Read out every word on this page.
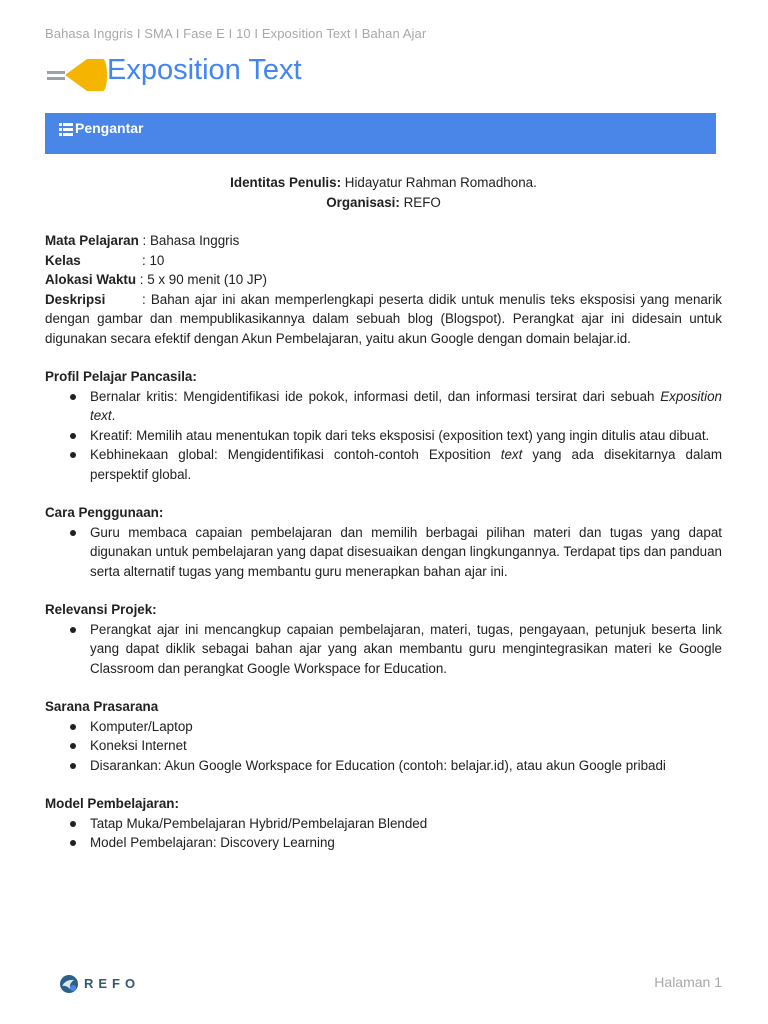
Bahasa Inggris I SMA I Fase E I 10 I Exposition Text I Bahan Ajar
Exposition Text
Pengantar
Identitas Penulis: Hidayatur Rahman Romadhona.
Organisasi: REFO
Mata Pelajaran : Bahasa Inggris
Kelas	: 10
Alokasi Waktu : 5 x 90 menit (10 JP)
Deskripsi	: Bahan ajar ini akan memperlengkapi peserta didik untuk menulis teks eksposisi yang menarik dengan gambar dan mempublikasikannya dalam sebuah blog (Blogspot). Perangkat ajar ini didesain untuk digunakan secara efektif dengan Akun Pembelajaran, yaitu akun Google dengan domain belajar.id.
Profil Pelajar Pancasila:
Bernalar kritis: Mengidentifikasi ide pokok, informasi detil, dan informasi tersirat dari sebuah Exposition text.
Kreatif: Memilih atau menentukan topik dari teks eksposisi (exposition text) yang ingin ditulis atau dibuat.
Kebhinekaan global: Mengidentifikasi contoh-contoh Exposition text yang ada disekitarnya dalam perspektif global.
Cara Penggunaan:
Guru membaca capaian pembelajaran dan memilih berbagai pilihan materi dan tugas yang dapat digunakan untuk pembelajaran yang dapat disesuaikan dengan lingkungannya. Terdapat tips dan panduan serta alternatif tugas yang membantu guru menerapkan bahan ajar ini.
Relevansi Projek:
Perangkat ajar ini mencangkup capaian pembelajaran, materi, tugas, pengayaan, petunjuk beserta link yang dapat diklik sebagai bahan ajar yang akan membantu guru mengintegrasikan materi ke Google Classroom dan perangkat Google Workspace for Education.
Sarana Prasarana
Komputer/Laptop
Koneksi Internet
Disarankan: Akun Google Workspace for Education (contoh: belajar.id), atau akun Google pribadi
Model Pembelajaran:
Tatap Muka/Pembelajaran Hybrid/Pembelajaran Blended
Model Pembelajaran: Discovery Learning
REFO	Halaman 1
